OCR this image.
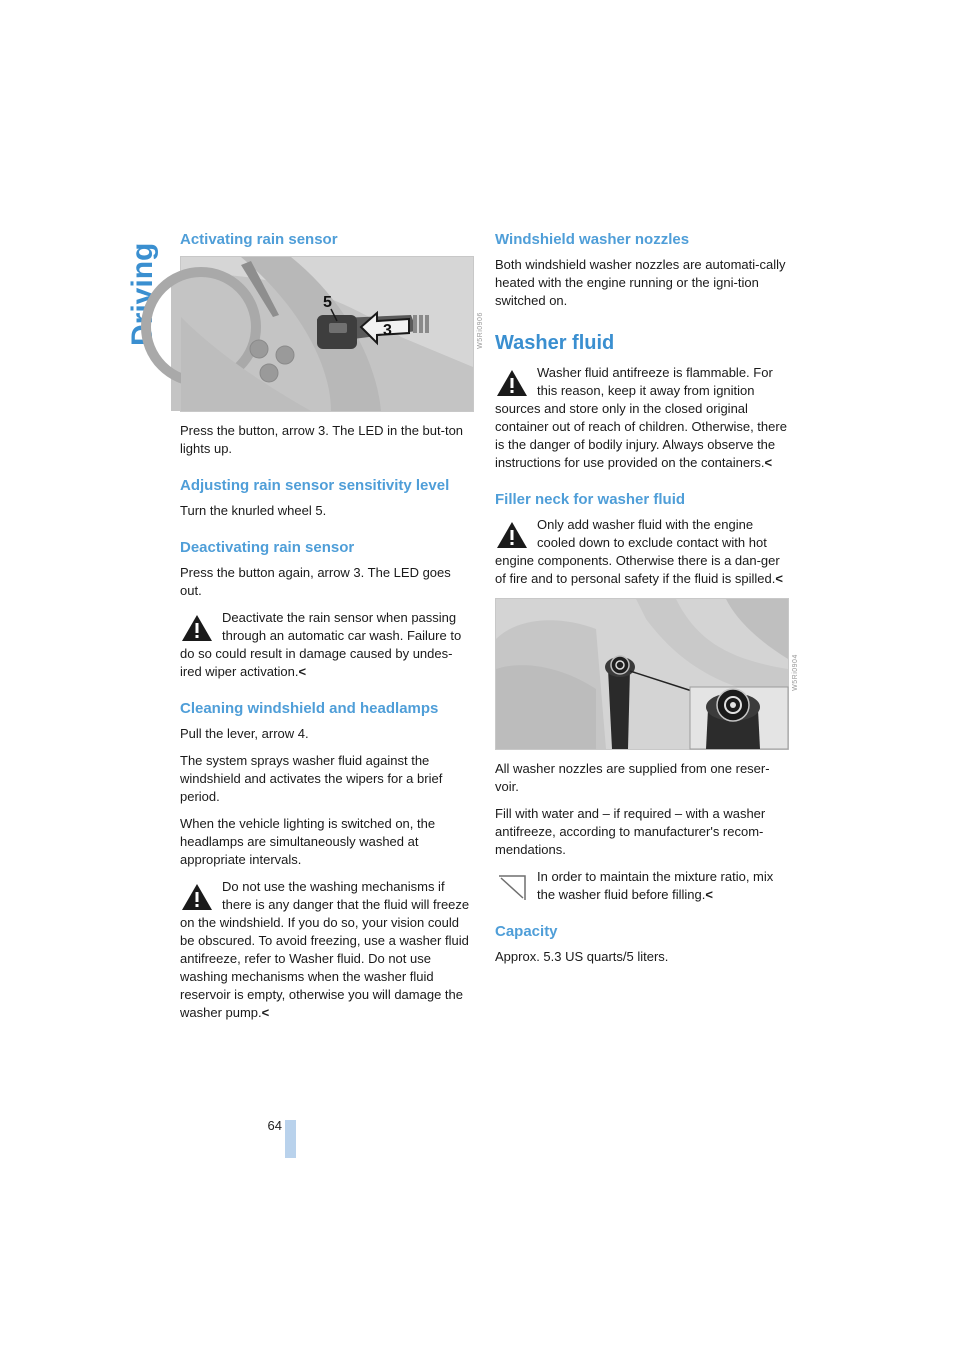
Driving
64
Activating rain sensor
5
3	W5Ri0906

Press the button, arrow 3. The LED in the but-ton lights up.

Adjusting rain sensor sensitivity level

Turn the knurled wheel 5.

Deactivating rain sensor

Press the button again, arrow 3. The LED goes out.

Deactivate the rain sensor when passing through an automatic car wash. Failure to do so could result in damage caused by undes-ired wiper activation.<
Cleaning windshield and headlamps

Pull the lever, arrow 4.

The system sprays washer fluid against the windshield and activates the wipers for a brief period.

When the vehicle lighting is switched on, the headlamps are simultaneously washed at appropriate intervals.

Do not use the washing mechanisms if there is any danger that the fluid will freeze on the windshield. If you do so, your vision could be obscured. To avoid freezing, use a washer fluid antifreeze, refer to Washer fluid. Do not use washing mechanisms when the washer fluid reservoir is empty, otherwise you will damage the washer pump.<
Windshield washer nozzles

Both windshield washer nozzles are automati-cally heated with the engine running or the igni-tion switched on.

Washer fluid
Washer fluid antifreeze is flammable. For this reason, keep it away from ignition sources and store only in the closed original container out of reach of children. Otherwise, there is the danger of bodily injury. Always observe the instructions for use provided on the containers.<
Filler neck for washer fluid
Only add washer fluid with the engine cooled down to exclude contact with hot engine components. Otherwise there is a dan-ger of fire and to personal safety if the fluid is spilled.<
W5Ri0904

All washer nozzles are supplied from one reser-voir.

Fill with water and – if required – with a washer antifreeze, according to manufacturer's recom-mendations.

In order to maintain the mixture ratio, mix the washer fluid before filling.<
Capacity

Approx. 5.3 US quarts/5 liters.
